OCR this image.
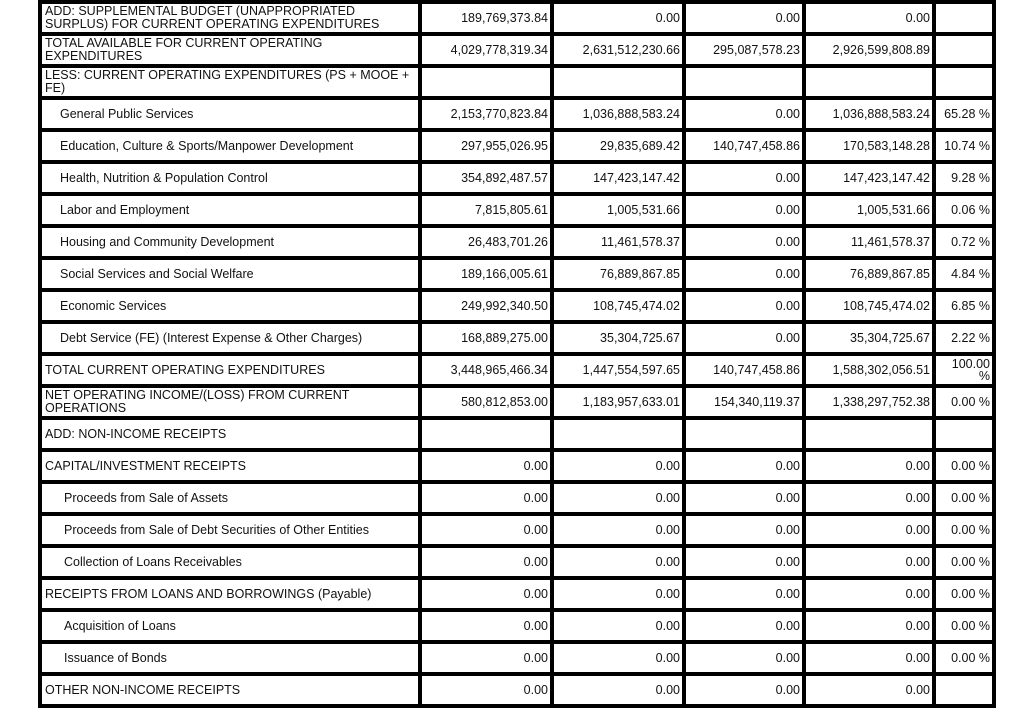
ADD: SUPPLEMENTAL BUDGET (UNAPPROPRIATED SURPLUS) FOR CURRENT OPERATING EXPENDITURES	189,769,373.84	0.00	0.00	0.00	
TOTAL AVAILABLE FOR CURRENT OPERATING EXPENDITURES	4,029,778,319.34	2,631,512,230.66	295,087,578.23	2,926,599,808.89	
LESS: CURRENT OPERATING EXPENDITURES (PS + MOOE + FE)					
General Public Services	2,153,770,823.84	1,036,888,583.24	0.00	1,036,888,583.24	65.28 %
Education, Culture & Sports/Manpower Development	297,955,026.95	29,835,689.42	140,747,458.86	170,583,148.28	10.74 %
Health, Nutrition & Population Control	354,892,487.57	147,423,147.42	0.00	147,423,147.42	9.28 %
Labor and Employment	7,815,805.61	1,005,531.66	0.00	1,005,531.66	0.06 %
Housing and Community Development	26,483,701.26	11,461,578.37	0.00	11,461,578.37	0.72 %
Social Services and Social Welfare	189,166,005.61	76,889,867.85	0.00	76,889,867.85	4.84 %
Economic Services	249,992,340.50	108,745,474.02	0.00	108,745,474.02	6.85 %
Debt Service (FE) (Interest Expense & Other Charges)	168,889,275.00	35,304,725.67	0.00	35,304,725.67	2.22 %
TOTAL CURRENT OPERATING EXPENDITURES	3,448,965,466.34	1,447,554,597.65	140,747,458.86	1,588,302,056.51	100.00 %
NET OPERATING INCOME/(LOSS) FROM CURRENT OPERATIONS	580,812,853.00	1,183,957,633.01	154,340,119.37	1,338,297,752.38	0.00 %
ADD: NON-INCOME RECEIPTS					
CAPITAL/INVESTMENT RECEIPTS	0.00	0.00	0.00	0.00	0.00 %
Proceeds from Sale of Assets	0.00	0.00	0.00	0.00	0.00 %
Proceeds from Sale of Debt Securities of Other Entities	0.00	0.00	0.00	0.00	0.00 %
Collection of Loans Receivables	0.00	0.00	0.00	0.00	0.00 %
RECEIPTS FROM LOANS AND BORROWINGS (Payable)	0.00	0.00	0.00	0.00	0.00 %
Acquisition of Loans	0.00	0.00	0.00	0.00	0.00 %
Issuance of Bonds	0.00	0.00	0.00	0.00	0.00 %
OTHER NON-INCOME RECEIPTS	0.00	0.00	0.00	0.00	
